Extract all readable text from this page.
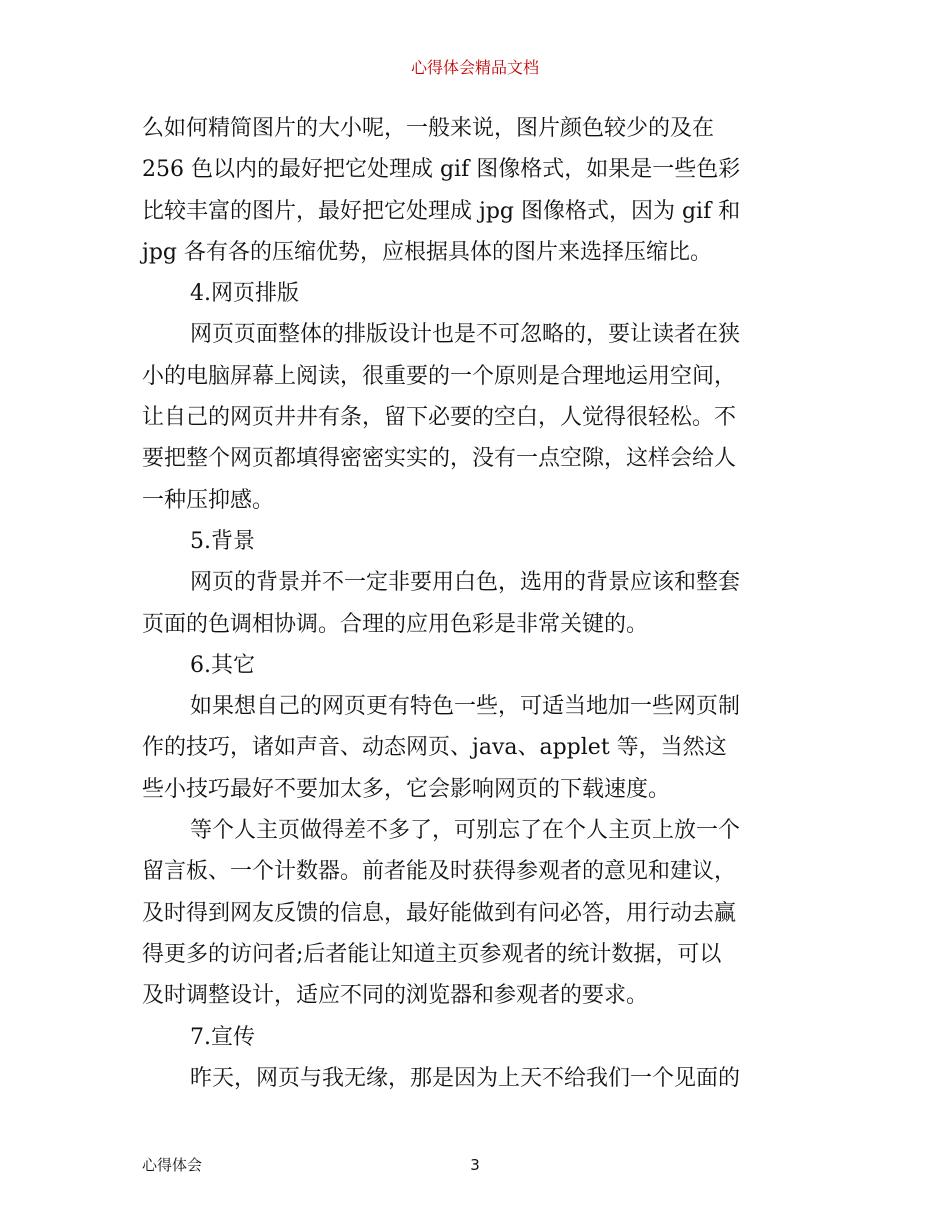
心得体会精品文档
么如何精简图片的大小呢，一般来说，图片颜色较少的及在
256 色以内的最好把它处理成 gif 图像格式，如果是一些色彩
比较丰富的图片，最好把它处理成 jpg 图像格式，因为 gif 和
jpg 各有各的压缩优势，应根据具体的图片来选择压缩比。
4.网页排版
网页页面整体的排版设计也是不可忽略的，要让读者在狭
小的电脑屏幕上阅读，很重要的一个原则是合理地运用空间，
让自己的网页井井有条，留下必要的空白，人觉得很轻松。不
要把整个网页都填得密密实实的，没有一点空隙，这样会给人
一种压抑感。
5.背景
网页的背景并不一定非要用白色，选用的背景应该和整套
页面的色调相协调。合理的应用色彩是非常关键的。
6.其它
如果想自己的网页更有特色一些，可适当地加一些网页制
作的技巧，诸如声音、动态网页、java、applet 等，当然这
些小技巧最好不要加太多，它会影响网页的下载速度。
等个人主页做得差不多了，可别忘了在个人主页上放一个
留言板、一个计数器。前者能及时获得参观者的意见和建议，
及时得到网友反馈的信息，最好能做到有问必答，用行动去赢
得更多的访问者;后者能让知道主页参观者的统计数据，可以
及时调整设计，适应不同的浏览器和参观者的要求。
7.宣传
昨天，网页与我无缘，那是因为上天不给我们一个见面的
心得体会	3
